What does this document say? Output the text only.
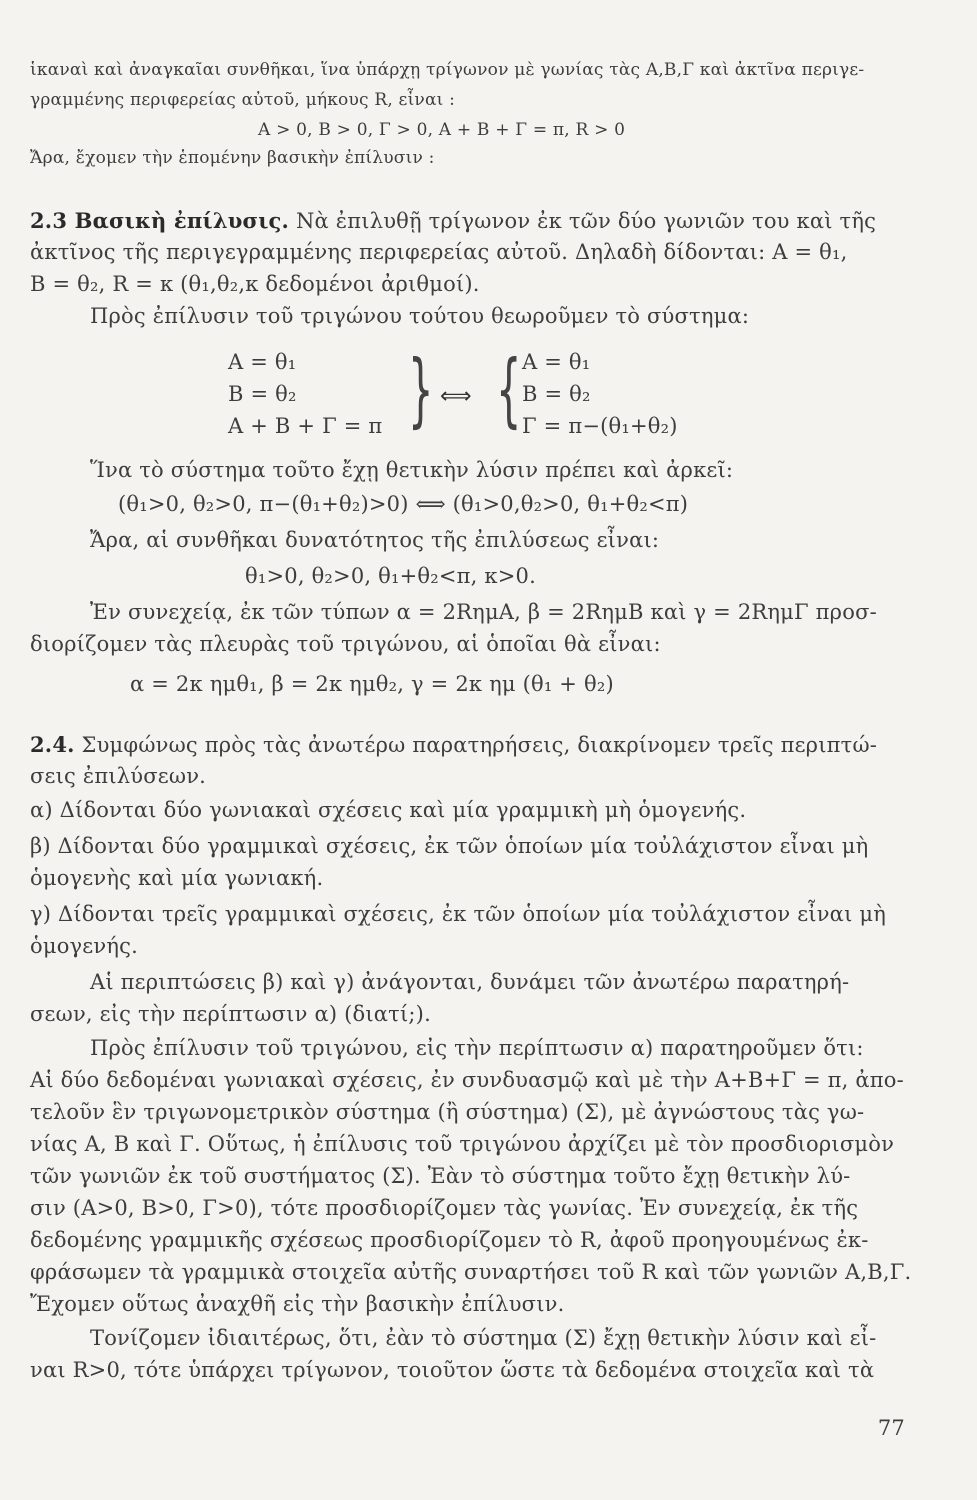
ἱκαναὶ καὶ ἀναγκαῖαι συνθῆκαι, ἵνα ὑπάρχῃ τρίγωνον μὲ γωνίας τὰς Α,Β,Γ καὶ ἀκτῖνα περιγε-
γραμμένης περιφερείας αὐτοῦ, μήκους R, εἶναι :
A > 0, B > 0, Γ > 0, A + B + Γ = π, R > 0
Ἄρα, ἔχομεν τὴν ἑπομένην βασικὴν ἐπίλυσιν :
2.3 Βασικὴ ἐπίλυσις. Νὰ ἐπιλυθῇ τρίγωνον ἐκ τῶν δύο γωνιῶν του καὶ τῆς
ἀκτῖνος τῆς περιγεγραμμένης περιφερείας αὐτοῦ. Δηλαδὴ δίδονται: A = θ₁,
B = θ₂, R = κ (θ₁,θ₂,κ δεδομένοι ἀριθμοί).
Πρὸς ἐπίλυσιν τοῦ τριγώνου τούτου θεωροῦμεν τὸ σύστημα:
A = θ₁
B = θ₂
A + B + Γ = π } ⟺ { A = θ₁
B = θ₂
Γ = π−(θ₁+θ₂)
Ἵνα τὸ σύστημα τοῦτο ἔχῃ θετικὴν λύσιν πρέπει καὶ ἀρκεῖ:
(θ₁>0, θ₂>0, π−(θ₁+θ₂)>0) ⟺ (θ₁>0,θ₂>0, θ₁+θ₂<π)
Ἄρα, αἱ συνθῆκαι δυνατότητος τῆς ἐπιλύσεως εἶναι:
θ₁>0, θ₂>0, θ₁+θ₂<π, κ>0.
Ἐν συνεχείᾳ, ἐκ τῶν τύπων α = 2RημA, β = 2RημB καὶ γ = 2RημΓ προσ-
διορίζομεν τὰς πλευρὰς τοῦ τριγώνου, αἱ ὁποῖαι θὰ εἶναι:
α = 2κ ημθ₁, β = 2κ ημθ₂, γ = 2κ ημ (θ₁ + θ₂)
2.4. Συμφώνως πρὸς τὰς ἀνωτέρω παρατηρήσεις, διακρίνομεν τρεῖς περιπτώ-
σεις ἐπιλύσεων.
α) Δίδονται δύο γωνιακαὶ σχέσεις καὶ μία γραμμικὴ μὴ ὁμογενής.
β) Δίδονται δύο γραμμικαὶ σχέσεις, ἐκ τῶν ὁποίων μία τοὐλάχιστον εἶναι μὴ
ὁμογενὴς καὶ μία γωνιακή.
γ) Δίδονται τρεῖς γραμμικαὶ σχέσεις, ἐκ τῶν ὁποίων μία τοὐλάχιστον εἶναι μὴ
ὁμογενής.
Αἱ περιπτώσεις β) καὶ γ) ἀνάγονται, δυνάμει τῶν ἀνωτέρω παρατηρή-
σεων, εἰς τὴν περίπτωσιν α) (διατί;).
Πρὸς ἐπίλυσιν τοῦ τριγώνου, εἰς τὴν περίπτωσιν α) παρατηροῦμεν ὅτι:
Αἱ δύο δεδομέναι γωνιακαὶ σχέσεις, ἐν συνδυασμῷ καὶ μὲ τὴν A+B+Γ = π, ἀπο-
τελοῦν ἓν τριγωνομετρικὸν σύστημα (ἢ σύστημα) (Σ), μὲ ἀγνώστους τὰς γω-
νίας A, B καὶ Γ. Οὕτως, ἡ ἐπίλυσις τοῦ τριγώνου ἀρχίζει μὲ τὸν προσδιορισμὸν
τῶν γωνιῶν ἐκ τοῦ συστήματος (Σ). Ἐὰν τὸ σύστημα τοῦτο ἔχῃ θετικὴν λύ-
σιν (A>0, B>0, Γ>0), τότε προσδιορίζομεν τὰς γωνίας. Ἐν συνεχείᾳ, ἐκ τῆς
δεδομένης γραμμικῆς σχέσεως προσδιορίζομεν τὸ R, ἀφοῦ προηγουμένως ἐκ-
φράσωμεν τὰ γραμμικὰ στοιχεῖα αὐτῆς συναρτήσει τοῦ R καὶ τῶν γωνιῶν A,B,Γ.
Ἔχομεν οὕτως ἀναχθῆ εἰς τὴν βασικὴν ἐπίλυσιν.
Τονίζομεν ἰδιαιτέρως, ὅτι, ἐὰν τὸ σύστημα (Σ) ἔχῃ θετικὴν λύσιν καὶ εἶ-
ναι R>0, τότε ὑπάρχει τρίγωνον, τοιοῦτον ὥστε τὰ δεδομένα στοιχεῖα καὶ τὰ
77
